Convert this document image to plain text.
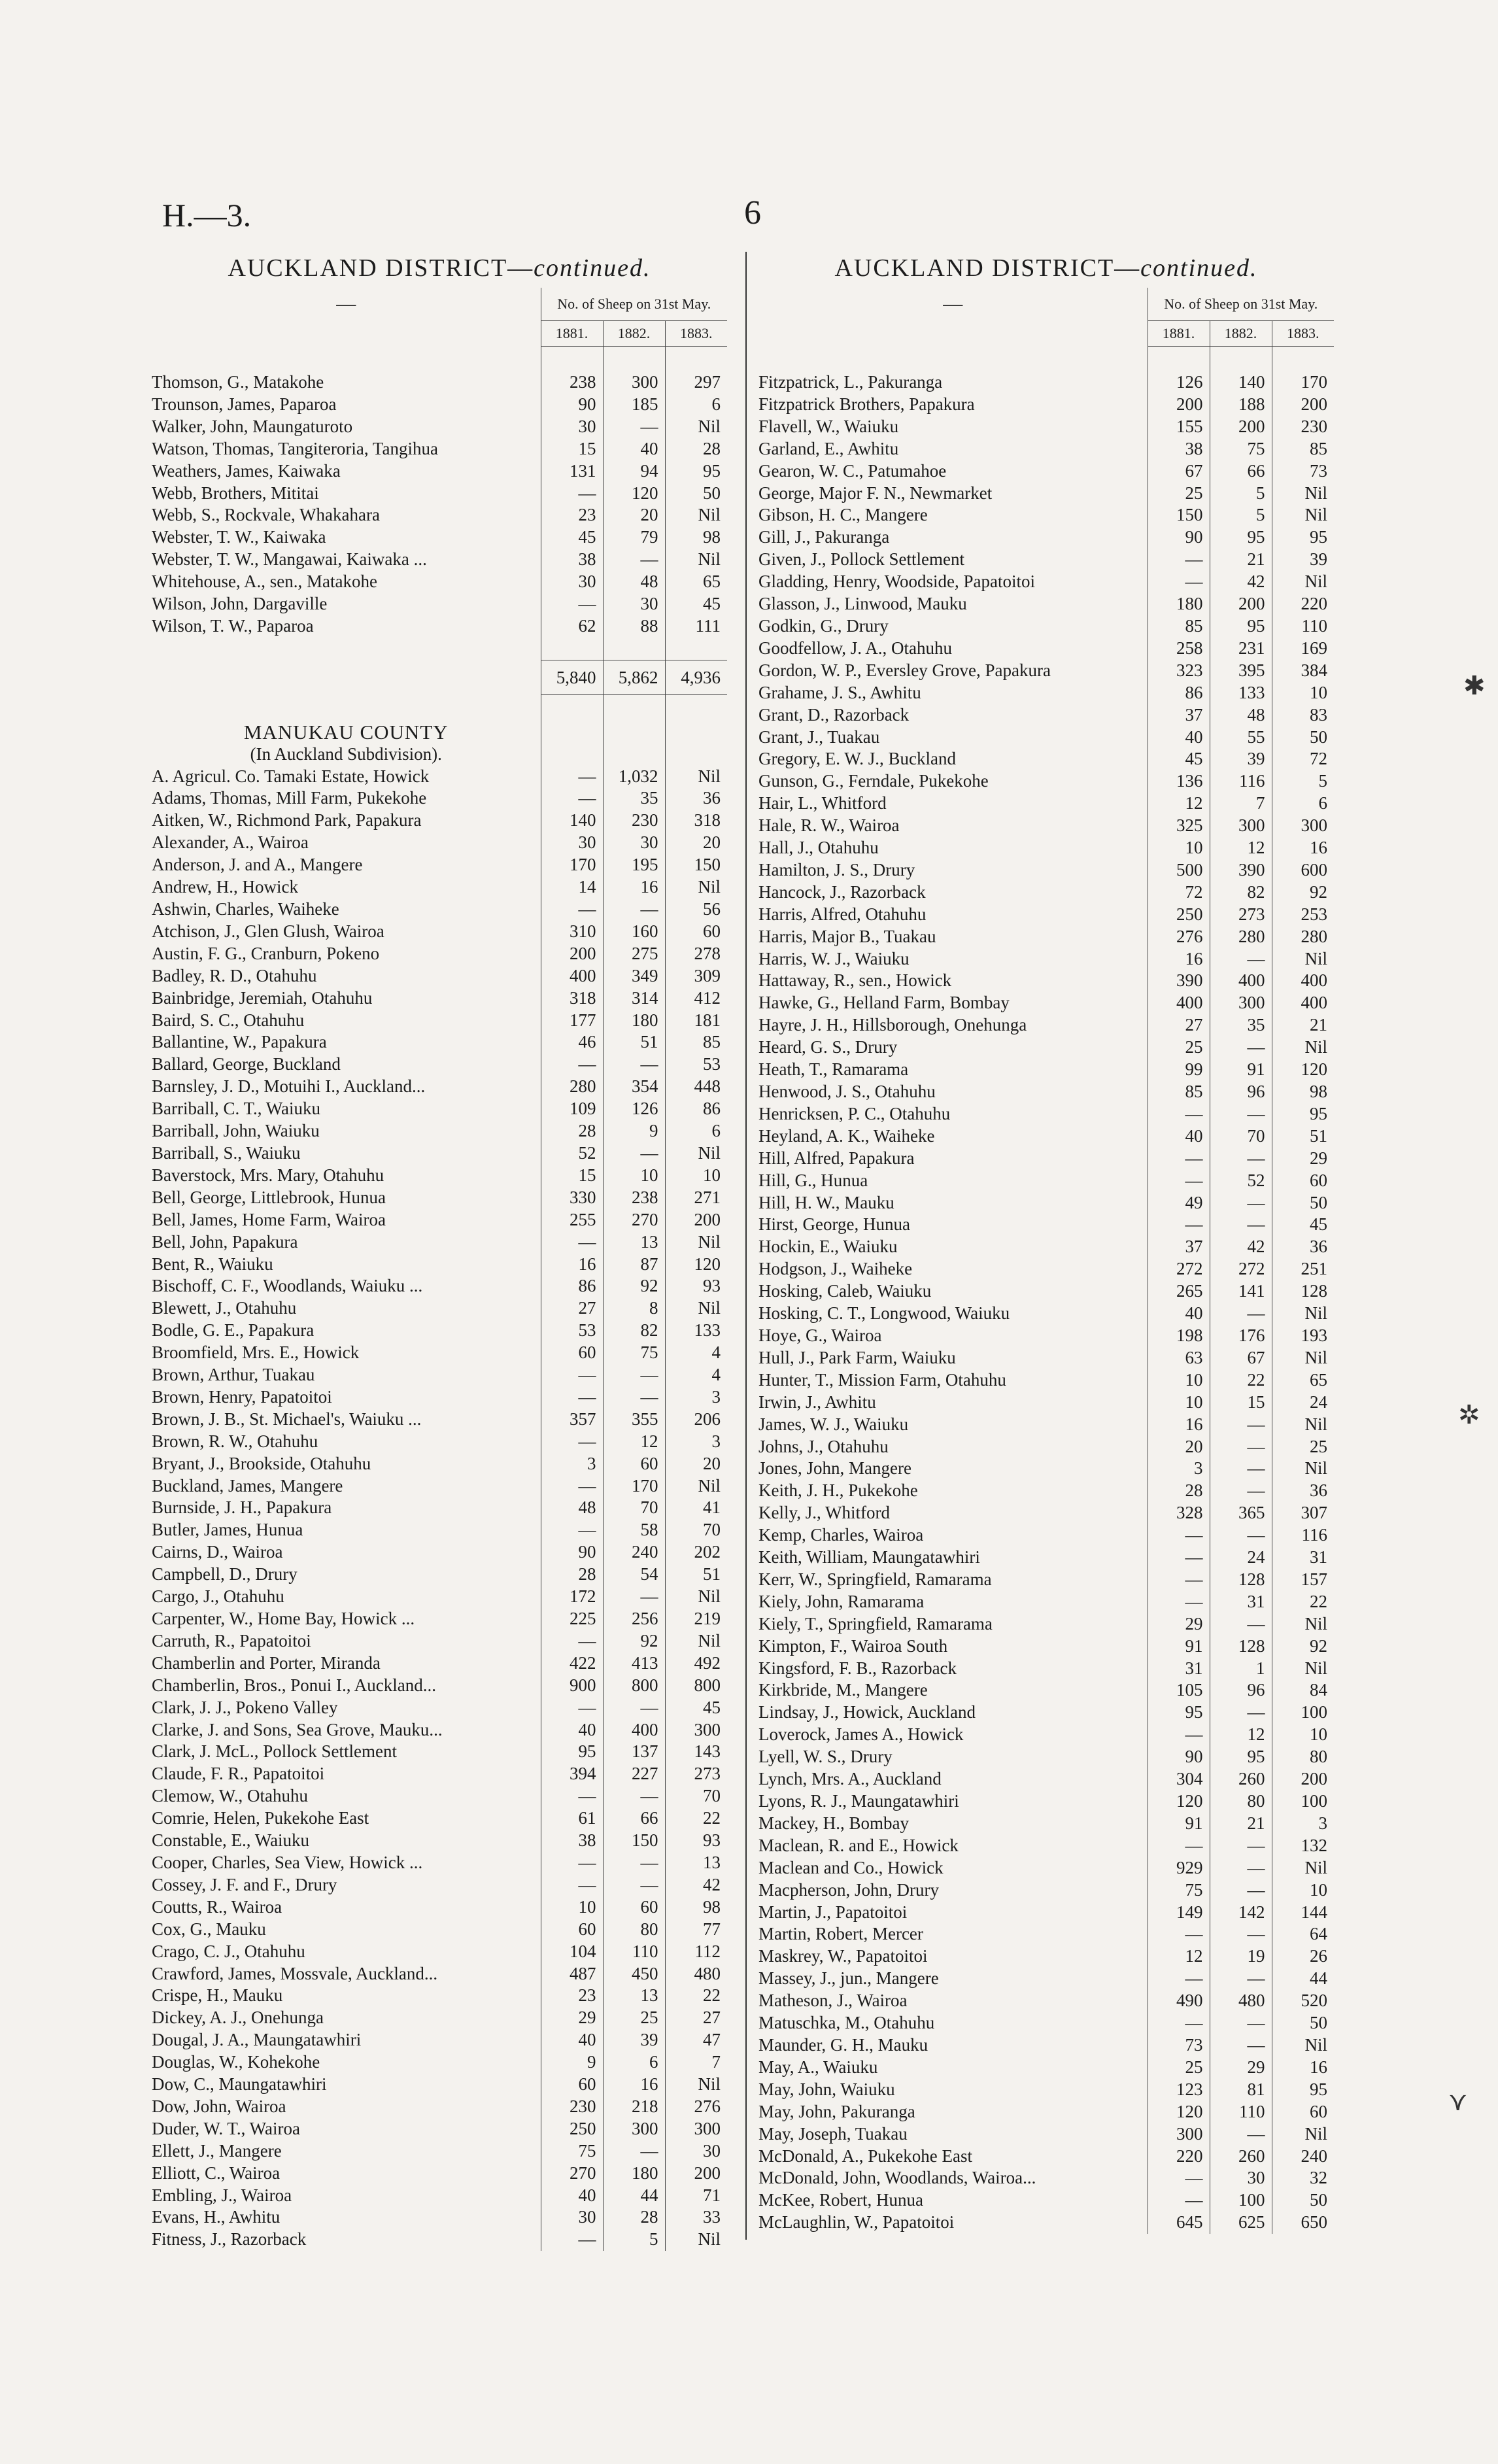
H.—3.	6
AUCKLAND DISTRICT—continued.
—	No. of Sheep on 31st May.		
	1881.	1882.	1883.

Thomson, G., Matakohe	238	300	297
Trounson, James, Paparoa	90	185	6
Walker, John, Maungaturoto	30	—	Nil
Watson, Thomas, Tangiteroria, Tangihua	15	40	28
Weathers, James, Kaiwaka	131	94	95
Webb, Brothers, Mititai	—	120	50
Webb, S., Rockvale, Whakahara	23	20	Nil
Webster, T. W., Kaiwaka	45	79	98
Webster, T. W., Mangawai, Kaiwaka ...	38	—	Nil
Whitehouse, A., sen., Matakohe	30	48	65
Wilson, John, Dargaville	—	30	45
Wilson, T. W., Paparoa	62	88	111

	5,840	5,862	4,936

MANUKAU COUNTY			
(In Auckland Subdivision).			
A. Agricul. Co. Tamaki Estate, Howick	—	1,032	Nil
Adams, Thomas, Mill Farm, Pukekohe	—	35	36
Aitken, W., Richmond Park, Papakura	140	230	318
Alexander, A., Wairoa	30	30	20
Anderson, J. and A., Mangere	170	195	150
Andrew, H., Howick	14	16	Nil
Ashwin, Charles, Waiheke	—	—	56
Atchison, J., Glen Glush, Wairoa	310	160	60
Austin, F. G., Cranburn, Pokeno	200	275	278
Badley, R. D., Otahuhu	400	349	309
Bainbridge, Jeremiah, Otahuhu	318	314	412
Baird, S. C., Otahuhu	177	180	181
Ballantine, W., Papakura	46	51	85
Ballard, George, Buckland	—	—	53
Barnsley, J. D., Motuihi I., Auckland...	280	354	448
Barriball, C. T., Waiuku	109	126	86
Barriball, John, Waiuku	28	9	6
Barriball, S., Waiuku	52	—	Nil
Baverstock, Mrs. Mary, Otahuhu	15	10	10
Bell, George, Littlebrook, Hunua	330	238	271
Bell, James, Home Farm, Wairoa	255	270	200
Bell, John, Papakura	—	13	Nil
Bent, R., Waiuku	16	87	120
Bischoff, C. F., Woodlands, Waiuku ...	86	92	93
Blewett, J., Otahuhu	27	8	Nil
Bodle, G. E., Papakura	53	82	133
Broomfield, Mrs. E., Howick	60	75	4
Brown, Arthur, Tuakau	—	—	4
Brown, Henry, Papatoitoi	—	—	3
Brown, J. B., St. Michael's, Waiuku ...	357	355	206
Brown, R. W., Otahuhu	—	12	3
Bryant, J., Brookside, Otahuhu	3	60	20
Buckland, James, Mangere	—	170	Nil
Burnside, J. H., Papakura	48	70	41
Butler, James, Hunua	—	58	70
Cairns, D., Wairoa	90	240	202
Campbell, D., Drury	28	54	51
Cargo, J., Otahuhu	172	—	Nil
Carpenter, W., Home Bay, Howick ...	225	256	219
Carruth, R., Papatoitoi	—	92	Nil
Chamberlin and Porter, Miranda	422	413	492
Chamberlin, Bros., Ponui I., Auckland...	900	800	800
Clark, J. J., Pokeno Valley	—	—	45
Clarke, J. and Sons, Sea Grove, Mauku...	40	400	300
Clark, J. McL., Pollock Settlement	95	137	143
Claude, F. R., Papatoitoi	394	227	273
Clemow, W., Otahuhu	—	—	70
Comrie, Helen, Pukekohe East	61	66	22
Constable, E., Waiuku	38	150	93
Cooper, Charles, Sea View, Howick ...	—	—	13
Cossey, J. F. and F., Drury	—	—	42
Coutts, R., Wairoa	10	60	98
Cox, G., Mauku	60	80	77
Crago, C. J., Otahuhu	104	110	112
Crawford, James, Mossvale, Auckland...	487	450	480
Crispe, H., Mauku	23	13	22
Dickey, A. J., Onehunga	29	25	27
Dougal, J. A., Maungatawhiri	40	39	47
Douglas, W., Kohekohe	9	6	7
Dow, C., Maungatawhiri	60	16	Nil
Dow, John, Wairoa	230	218	276
Duder, W. T., Wairoa	250	300	300
Ellett, J., Mangere	75	—	30
Elliott, C., Wairoa	270	180	200
Embling, J., Wairoa	40	44	71
Evans, H., Awhitu	30	28	33
Fitness, J., Razorback	—	5	Nil
AUCKLAND DISTRICT—continued.
—	No. of Sheep on 31st May.		
	1881.	1882.	1883.

Fitzpatrick, L., Pakuranga	126	140	170
Fitzpatrick Brothers, Papakura	200	188	200
Flavell, W., Waiuku	155	200	230
Garland, E., Awhitu	38	75	85
Gearon, W. C., Patumahoe	67	66	73
George, Major F. N., Newmarket	25	5	Nil
Gibson, H. C., Mangere	150	5	Nil
Gill, J., Pakuranga	90	95	95
Given, J., Pollock Settlement	—	21	39
Gladding, Henry, Woodside, Papatoitoi	—	42	Nil
Glasson, J., Linwood, Mauku	180	200	220
Godkin, G., Drury	85	95	110
Goodfellow, J. A., Otahuhu	258	231	169
Gordon, W. P., Eversley Grove, Papakura	323	395	384
Grahame, J. S., Awhitu	86	133	10
Grant, D., Razorback	37	48	83
Grant, J., Tuakau	40	55	50
Gregory, E. W. J., Buckland	45	39	72
Gunson, G., Ferndale, Pukekohe	136	116	5
Hair, L., Whitford	12	7	6
Hale, R. W., Wairoa	325	300	300
Hall, J., Otahuhu	10	12	16
Hamilton, J. S., Drury	500	390	600
Hancock, J., Razorback	72	82	92
Harris, Alfred, Otahuhu	250	273	253
Harris, Major B., Tuakau	276	280	280
Harris, W. J., Waiuku	16	—	Nil
Hattaway, R., sen., Howick	390	400	400
Hawke, G., Helland Farm, Bombay	400	300	400
Hayre, J. H., Hillsborough, Onehunga	27	35	21
Heard, G. S., Drury	25	—	Nil
Heath, T., Ramarama	99	91	120
Henwood, J. S., Otahuhu	85	96	98
Henricksen, P. C., Otahuhu	—	—	95
Heyland, A. K., Waiheke	40	70	51
Hill, Alfred, Papakura	—	—	29
Hill, G., Hunua	—	52	60
Hill, H. W., Mauku	49	—	50
Hirst, George, Hunua	—	—	45
Hockin, E., Waiuku	37	42	36
Hodgson, J., Waiheke	272	272	251
Hosking, Caleb, Waiuku	265	141	128
Hosking, C. T., Longwood, Waiuku	40	—	Nil
Hoye, G., Wairoa	198	176	193
Hull, J., Park Farm, Waiuku	63	67	Nil
Hunter, T., Mission Farm, Otahuhu	10	22	65
Irwin, J., Awhitu	10	15	24
James, W. J., Waiuku	16	—	Nil
Johns, J., Otahuhu	20	—	25
Jones, John, Mangere	3	—	Nil
Keith, J. H., Pukekohe	28	—	36
Kelly, J., Whitford	328	365	307
Kemp, Charles, Wairoa	—	—	116
Keith, William, Maungatawhiri	—	24	31
Kerr, W., Springfield, Ramarama	—	128	157
Kiely, John, Ramarama	—	31	22
Kiely, T., Springfield, Ramarama	29	—	Nil
Kimpton, F., Wairoa South	91	128	92
Kingsford, F. B., Razorback	31	1	Nil
Kirkbride, M., Mangere	105	96	84
Lindsay, J., Howick, Auckland	95	—	100
Loverock, James A., Howick	—	12	10
Lyell, W. S., Drury	90	95	80
Lynch, Mrs. A., Auckland	304	260	200
Lyons, R. J., Maungatawhiri	120	80	100
Mackey, H., Bombay	91	21	3
Maclean, R. and E., Howick	—	—	132
Maclean and Co., Howick	929	—	Nil
Macpherson, John, Drury	75	—	10
Martin, J., Papatoitoi	149	142	144
Martin, Robert, Mercer	—	—	64
Maskrey, W., Papatoitoi	12	19	26
Massey, J., jun., Mangere	—	—	44
Matheson, J., Wairoa	490	480	520
Matuschka, M., Otahuhu	—	—	50
Maunder, G. H., Mauku	73	—	Nil
May, A., Waiuku	25	29	16
May, John, Waiuku	123	81	95
May, John, Pakuranga	120	110	60
May, Joseph, Tuakau	300	—	Nil
McDonald, A., Pukekohe East	220	260	240
McDonald, John, Woodlands, Wairoa...	—	30	32
McKee, Robert, Hunua	—	100	50
McLaughlin, W., Papatoitoi	645	625	650
✱
✲
⋎
